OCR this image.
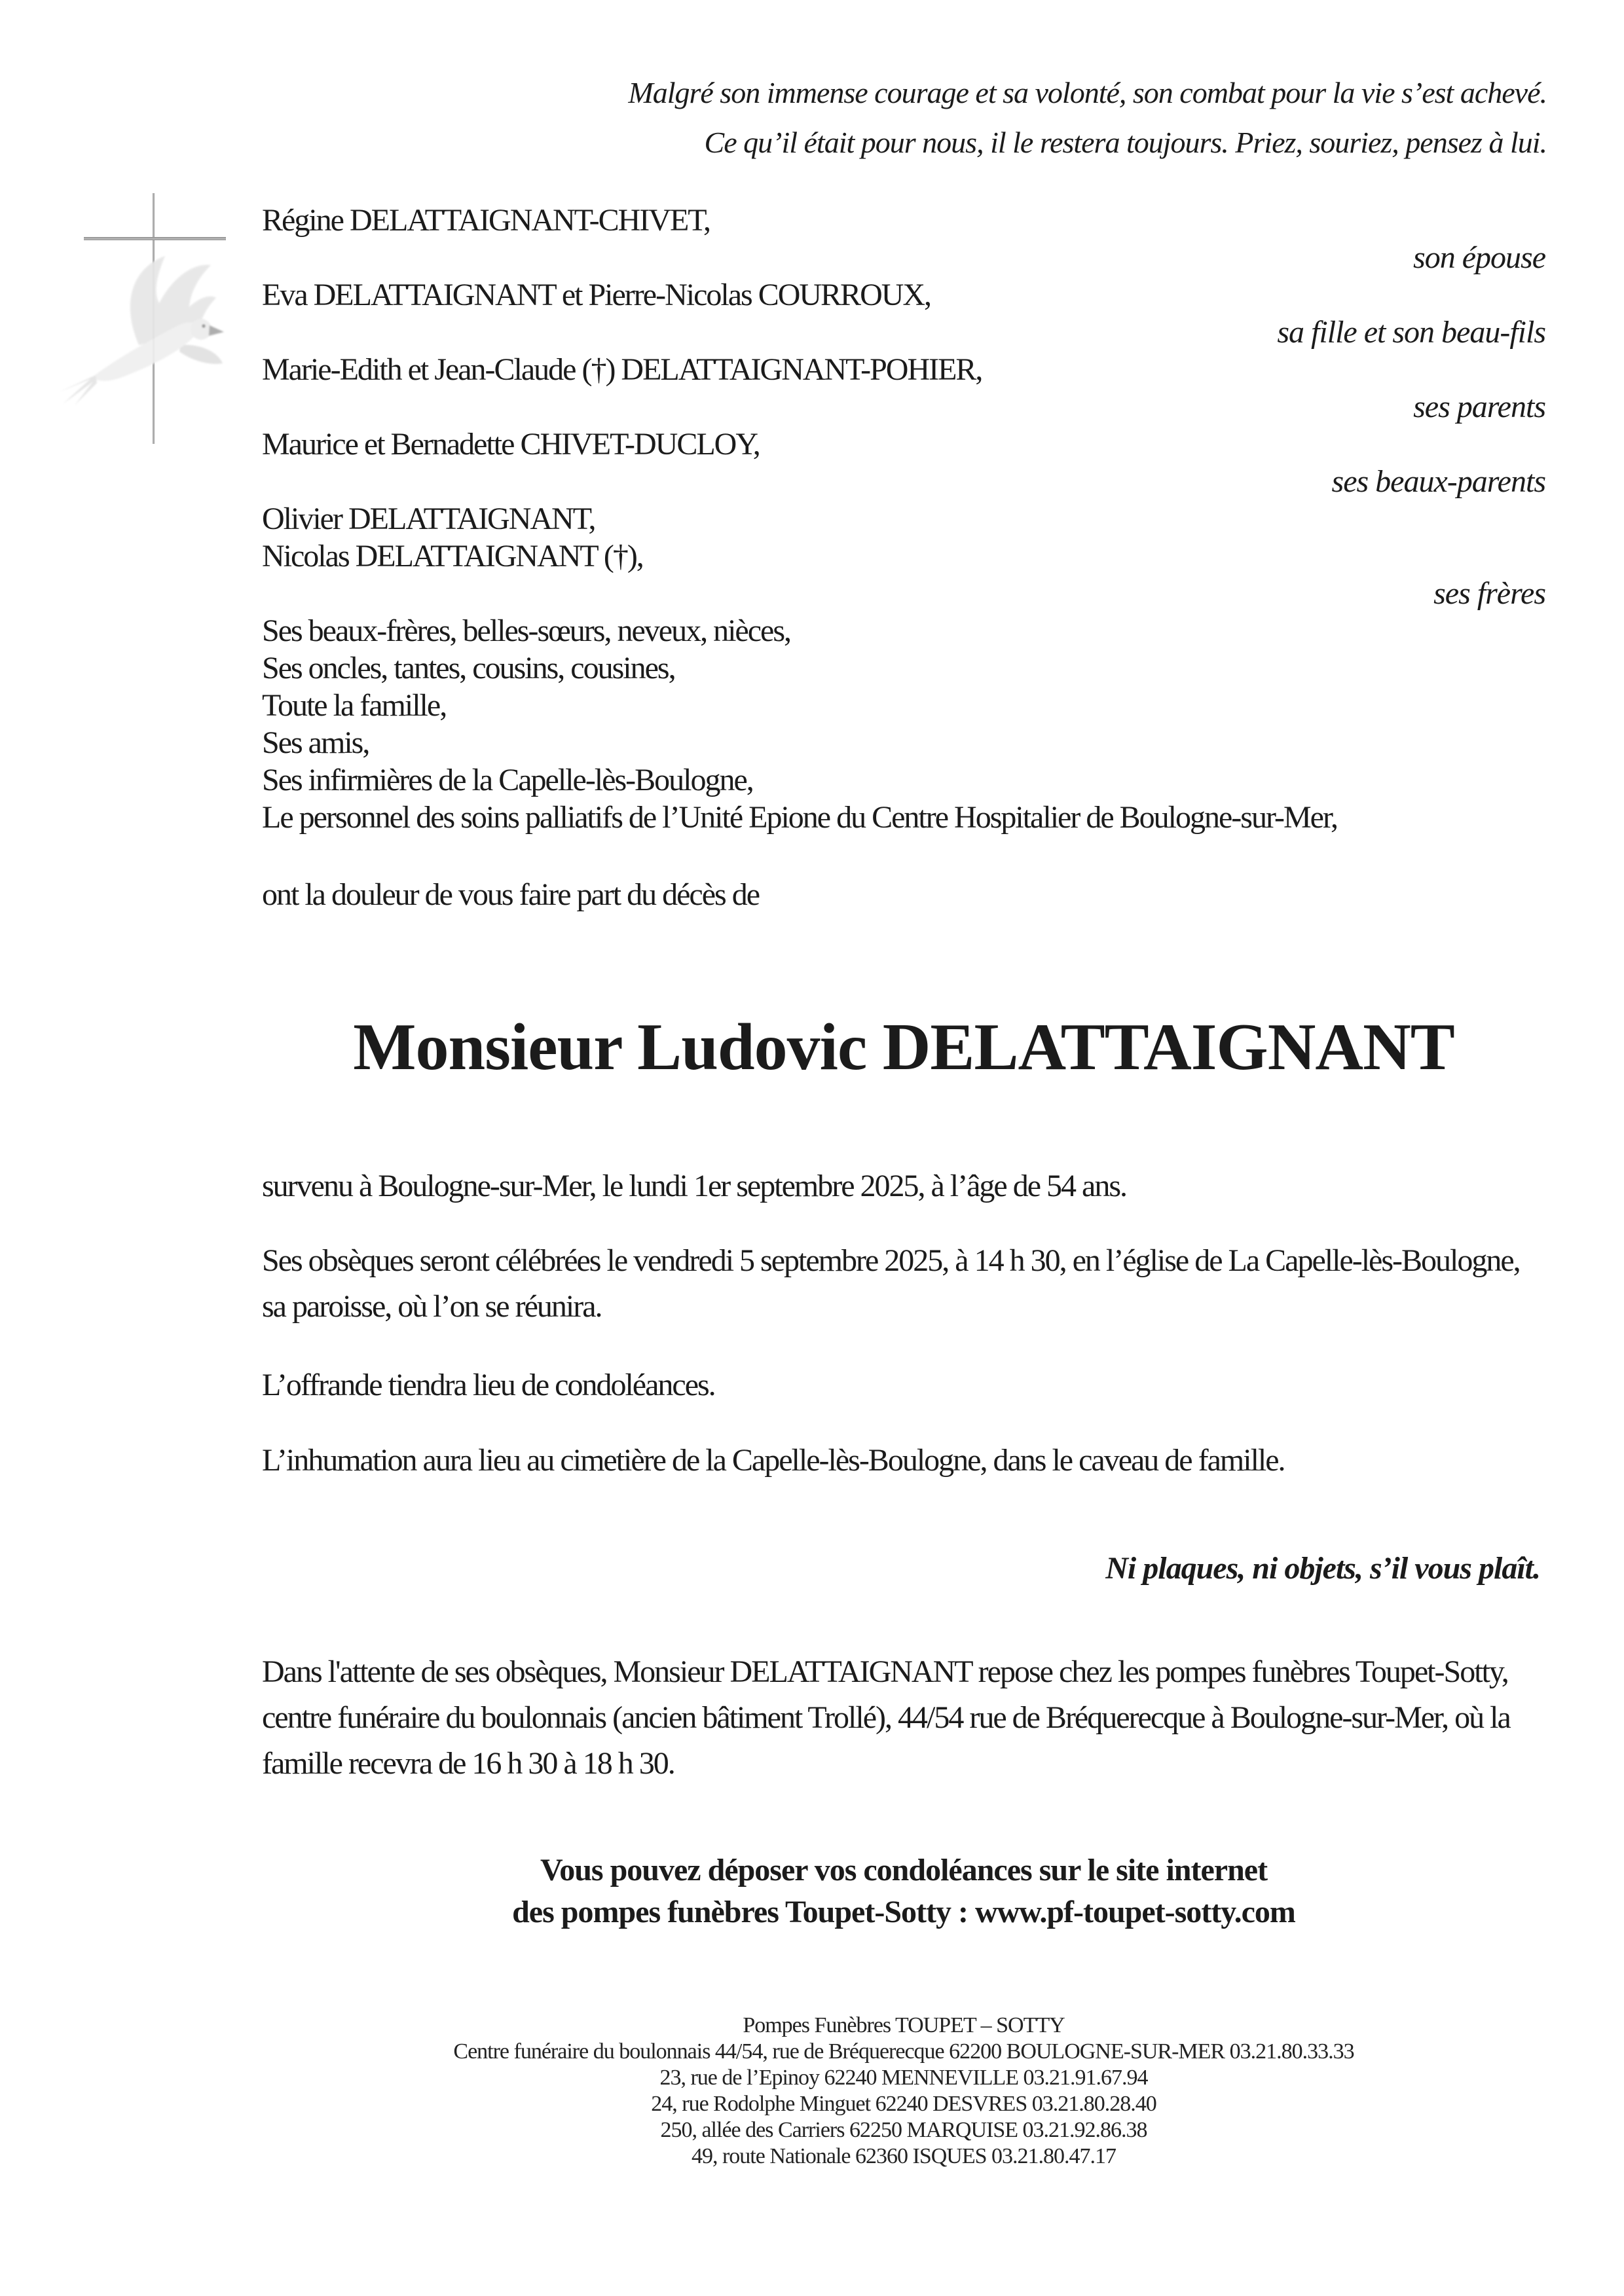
Malgré son immense courage et sa volonté, son combat pour la vie s’est achevé.
Ce qu’il était pour nous, il le restera toujours. Priez, souriez, pensez à lui.
Régine DELATTAIGNANT-CHIVET,
son épouse
Eva DELATTAIGNANT et Pierre-Nicolas COURROUX,
sa fille et son beau-fils
Marie-Edith et Jean-Claude (†) DELATTAIGNANT-POHIER,
ses parents
Maurice et Bernadette CHIVET-DUCLOY,
ses beaux-parents
Olivier DELATTAIGNANT,
Nicolas DELATTAIGNANT (†),
ses frères
Ses beaux-frères, belles-sœurs, neveux, nièces,
Ses oncles, tantes, cousins, cousines,
Toute la famille,
Ses amis,
Ses infirmières de la Capelle-lès-Boulogne,
Le personnel des soins palliatifs de l’Unité Epione du Centre Hospitalier de Boulogne-sur-Mer,
ont la douleur de vous faire part du décès de
Monsieur Ludovic DELATTAIGNANT
survenu à Boulogne-sur-Mer, le lundi 1er septembre 2025, à l’âge de 54 ans.
Ses obsèques seront célébrées le vendredi 5 septembre 2025, à 14 h 30, en l’église de La Capelle-lès-Boulogne, sa paroisse, où l’on se réunira.
L’offrande tiendra lieu de condoléances.
L’inhumation aura lieu au cimetière de la Capelle-lès-Boulogne, dans le caveau de famille.
Ni plaques, ni objets, s’il vous plaît.
Dans l'attente de ses obsèques, Monsieur DELATTAIGNANT repose chez les pompes funèbres Toupet-Sotty, centre funéraire du boulonnais (ancien bâtiment Trollé), 44/54 rue de Bréquerecque à Boulogne-sur-Mer, où la famille recevra de 16 h 30 à 18 h 30.
Vous pouvez déposer vos condoléances sur le site internet
des pompes funèbres Toupet-Sotty : www.pf-toupet-sotty.com
Pompes Funèbres TOUPET – SOTTY
Centre funéraire du boulonnais 44/54, rue de Bréquerecque 62200 BOULOGNE-SUR-MER 03.21.80.33.33
23, rue de l’Epinoy 62240 MENNEVILLE 03.21.91.67.94
24, rue Rodolphe Minguet 62240 DESVRES 03.21.80.28.40
250, allée des Carriers 62250 MARQUISE 03.21.92.86.38
49, route Nationale 62360 ISQUES 03.21.80.47.17
